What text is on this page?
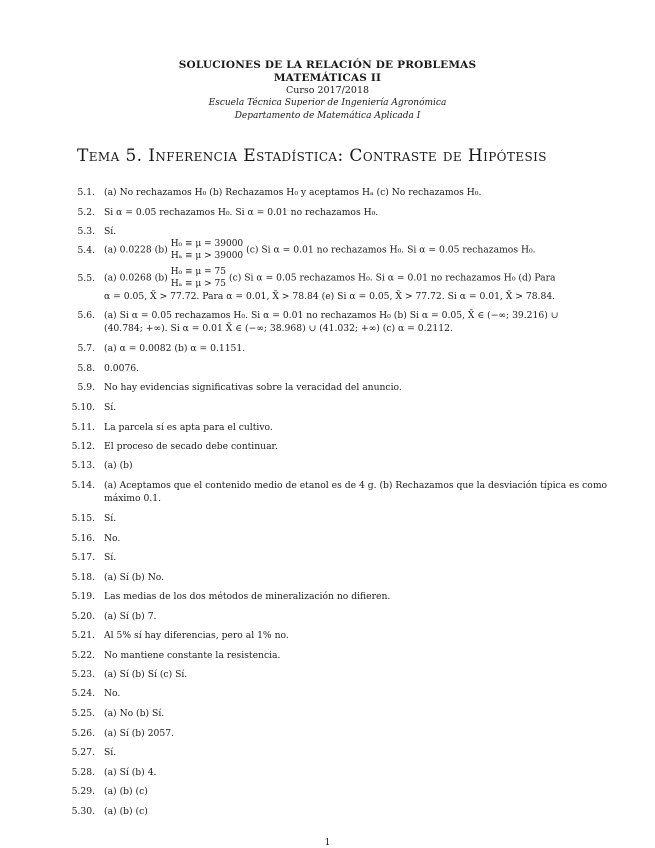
SOLUCIONES DE LA RELACIÓN DE PROBLEMAS
MATEMÁTICAS II
Curso 2017/2018
Escuela Técnica Superior de Ingeniería Agronómica
Departamento de Matemática Aplicada I
Tema 5. Inferencia Estadística: Contraste de Hipótesis
5.1. (a) No rechazamos H₀ (b) Rechazamos H₀ y aceptamos Hₐ (c) No rechazamos H₀.
5.2. Si α = 0.05 rechazamos H₀. Si α = 0.01 no rechazamos H₀.
5.3. Sí.
5.4. (a) 0.0228 (b)
H₀ ≡ μ = 39000
Hₐ ≡ μ > 39000
(c) Si α = 0.01 no rechazamos H₀. Si α = 0.05 rechazamos H₀.
5.5. (a) 0.0268 (b)
H₀ ≡ μ = 75
Hₐ ≡ μ > 75
(c) Si α = 0.05 rechazamos H₀. Si α = 0.01 no rechazamos H₀ (d) Para
α = 0.05, X̄ > 77.72. Para α = 0.01, X̄ > 78.84 (e) Si α = 0.05, X̄ > 77.72. Si α = 0.01, X̄ > 78.84.
5.6. (a) Si α = 0.05 rechazamos H₀. Si α = 0.01 no rechazamos H₀ (b) Si α = 0.05, X̄ ∈ (−∞; 39.216) ∪
(40.784; +∞). Si α = 0.01 X̄ ∈ (−∞; 38.968) ∪ (41.032; +∞) (c) α = 0.2112.
5.7. (a) α = 0.0082 (b) α = 0.1151.
5.8. 0.0076.
5.9. No hay evidencias significativas sobre la veracidad del anuncio.
5.10. Sí.
5.11. La parcela sí es apta para el cultivo.
5.12. El proceso de secado debe continuar.
5.13. (a) (b)
5.14. (a) Aceptamos que el contenido medio de etanol es de 4 g. (b) Rechazamos que la desviación típica es como
máximo 0.1.
5.15. Sí.
5.16. No.
5.17. Sí.
5.18. (a) Sí (b) No.
5.19. Las medias de los dos métodos de mineralización no difieren.
5.20. (a) Sí (b) 7.
5.21. Al 5% sí hay diferencias, pero al 1% no.
5.22. No mantiene constante la resistencia.
5.23. (a) Sí (b) Sí (c) Sí.
5.24. No.
5.25. (a) No (b) Sí.
5.26. (a) Sí (b) 2057.
5.27. Sí.
5.28. (a) Sí (b) 4.
5.29. (a) (b) (c)
5.30. (a) (b) (c)
1
